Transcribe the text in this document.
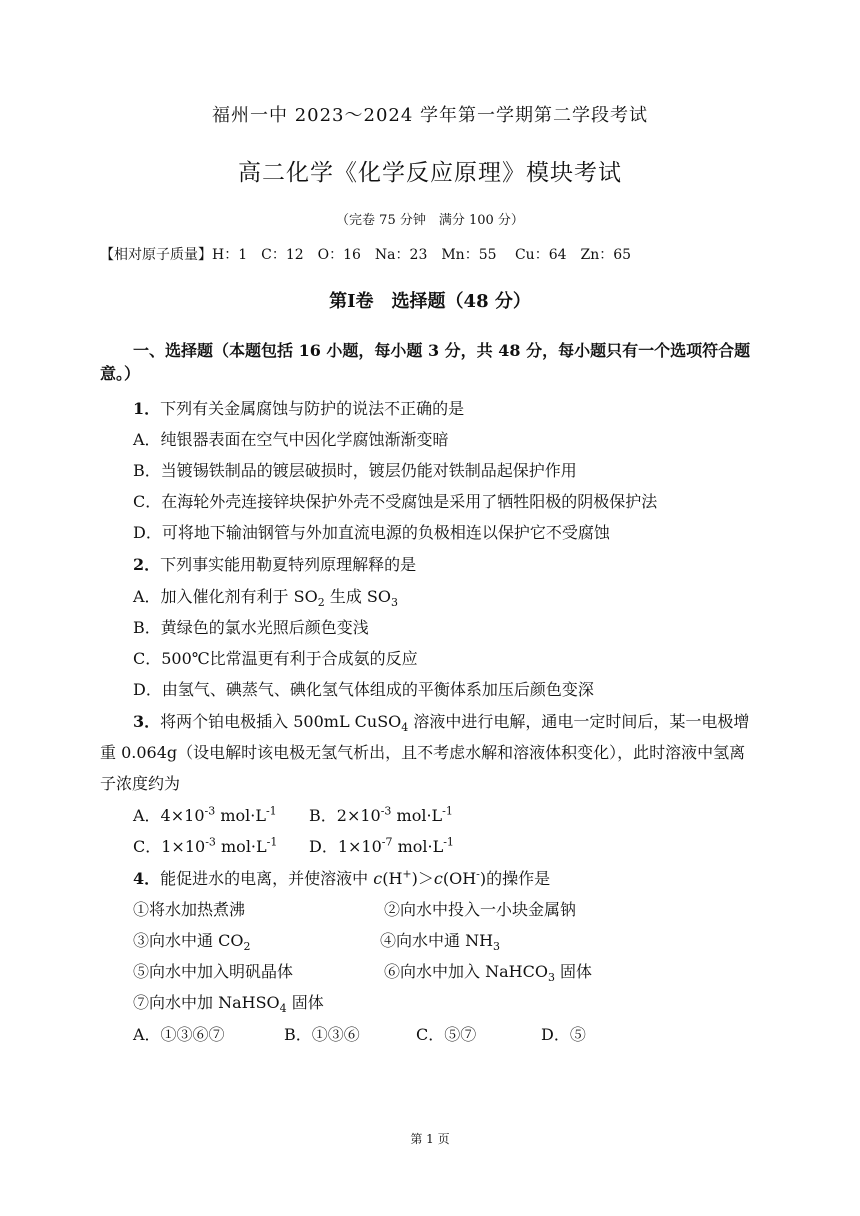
福州一中 2023～2024 学年第一学期第二学段考试
高二化学《化学反应原理》模块考试
（完卷 75 分钟　满分 100 分）
【相对原子质量】H：1　C：12　O：16　Na：23　Mn：55　 Cu：64　Zn：65
第Ⅰ卷　选择题（48 分）
一、选择题（本题包括 16 小题，每小题 3 分，共 48 分，每小题只有一个选项符合题
意。）
1．下列有关金属腐蚀与防护的说法不正确的是
A．纯银器表面在空气中因化学腐蚀渐渐变暗
B．当镀锡铁制品的镀层破损时，镀层仍能对铁制品起保护作用
C．在海轮外壳连接锌块保护外壳不受腐蚀是采用了牺牲阳极的阴极保护法
D．可将地下输油钢管与外加直流电源的负极相连以保护它不受腐蚀
2．下列事实能用勒夏特列原理解释的是
A．加入催化剂有利于 $SO_2$ 生成 $SO_3$
B．黄绿色的氯水光照后颜色变浅
C．500℃比常温更有利于合成氨的反应
D．由氢气、碘蒸气、碘化氢气体组成的平衡体系加压后颜色变深
3．将两个铂电极插入 500mL CuSO$_4$ 溶液中进行电解，通电一定时间后，某一电极增
重 0.064g（设电解时该电极无氢气析出，且不考虑水解和溶液体积变化），此时溶液中氢离
子浓度约为
A．$4\times 10^{-3}$ $mol\cdot L^{-1}$ B．$2\times 10^{-3}$ $mol\cdot L^{-1}$
C．$1\times 10^{-3}$ $mol\cdot L^{-1}$ D．$1\times 10^{-7}$ $mol\cdot L^{-1}$
4．能促进水的电离，并使溶液中 c(H+)＞c(OH-)的操作是
①将水加热煮沸	②向水中投入一小块金属钠
③向水中通 $CO_2$	④向水中通 $NH_3$
⑤向水中加入明矾晶体	⑥向水中加入 NaHCO$_3$ 固体
⑦向水中加 NaHSO$_4$ 固体
A．①③⑥⑦	B．①③⑥	C．⑤⑦	D．⑤
第 1 页
